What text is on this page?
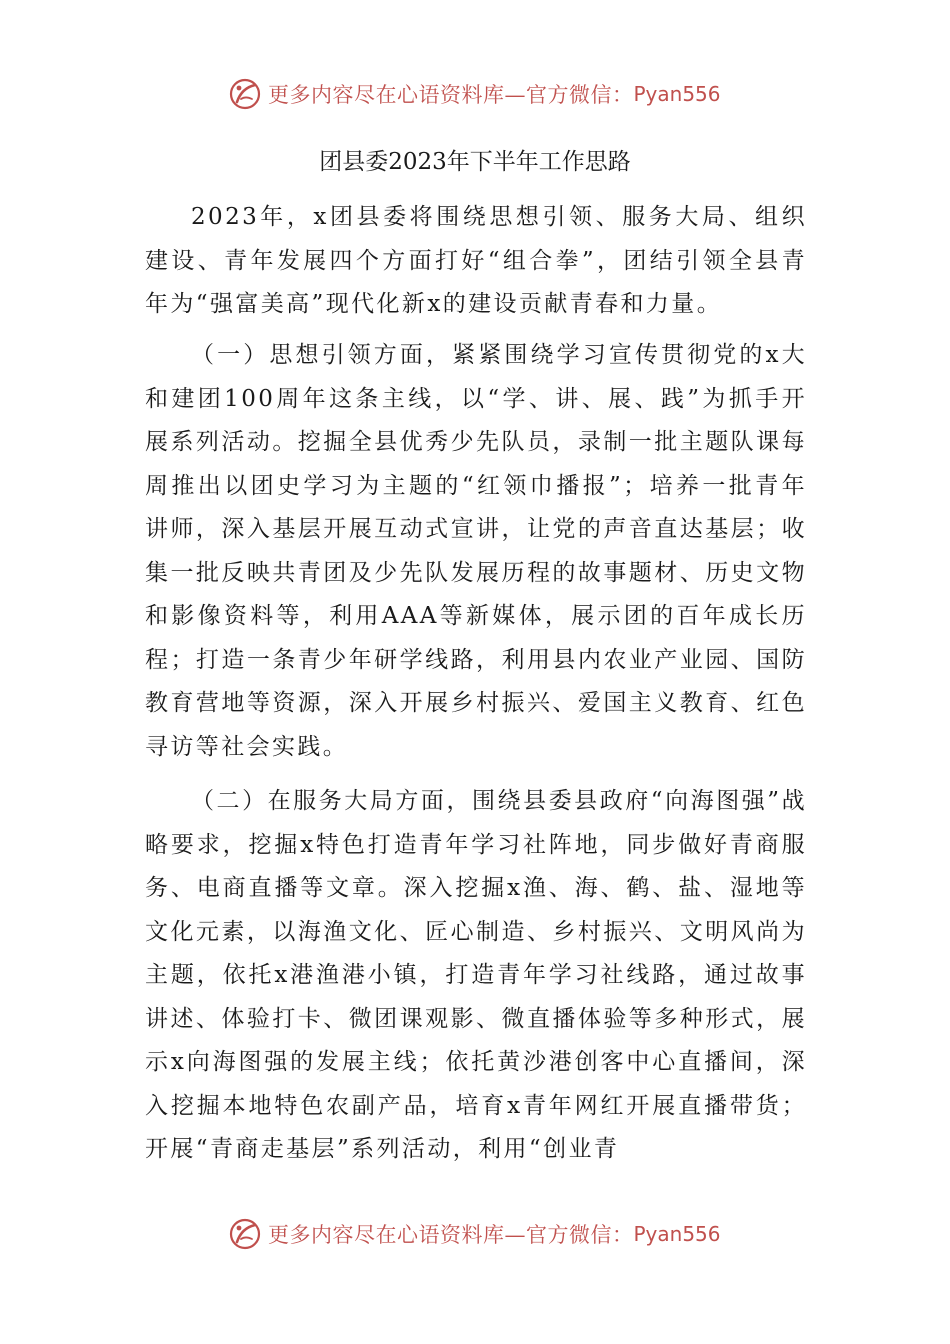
更多内容尽在心语资料库—官方微信： Pyan556
团县委2023年下半年工作思路

2023年，x团县委将围绕思想引领、服务大局、组织建设、青年发展四个方面打好“组合拳”，团结引领全县青年为“强富美高”现代化新x的建设贡献青春和力量。

（一）思想引领方面，紧紧围绕学习宣传贯彻党的x大和建团100周年这条主线，以“学、讲、展、践”为抓手开展系列活动。挖掘全县优秀少先队员，录制一批主题队课每周推出以团史学习为主题的“红领巾播报”；培养一批青年讲师，深入基层开展互动式宣讲，让党的声音直达基层；收集一批反映共青团及少先队发展历程的故事题材、历史文物和影像资料等，利用AAA等新媒体，展示团的百年成长历程；打造一条青少年研学线路，利用县内农业产业园、国防教育营地等资源，深入开展乡村振兴、爱国主义教育、红色寻访等社会实践。

（二）在服务大局方面，围绕县委县政府“向海图强”战略要求，挖掘x特色打造青年学习社阵地，同步做好青商服务、电商直播等文章。深入挖掘x渔、海、鹤、盐、湿地等文化元素，以海渔文化、匠心制造、乡村振兴、文明风尚为主题，依托x港渔港小镇，打造青年学习社线路，通过故事讲述、体验打卡、微团课观影、微直播体验等多种形式，展示x向海图强的发展主线；依托黄沙港创客中心直播间，深入挖掘本地特色农副产品，培育x青年网红开展直播带货；开展“青商走基层”系列活动，利用“创业青

更多内容尽在心语资料库—官方微信： Pyan556
